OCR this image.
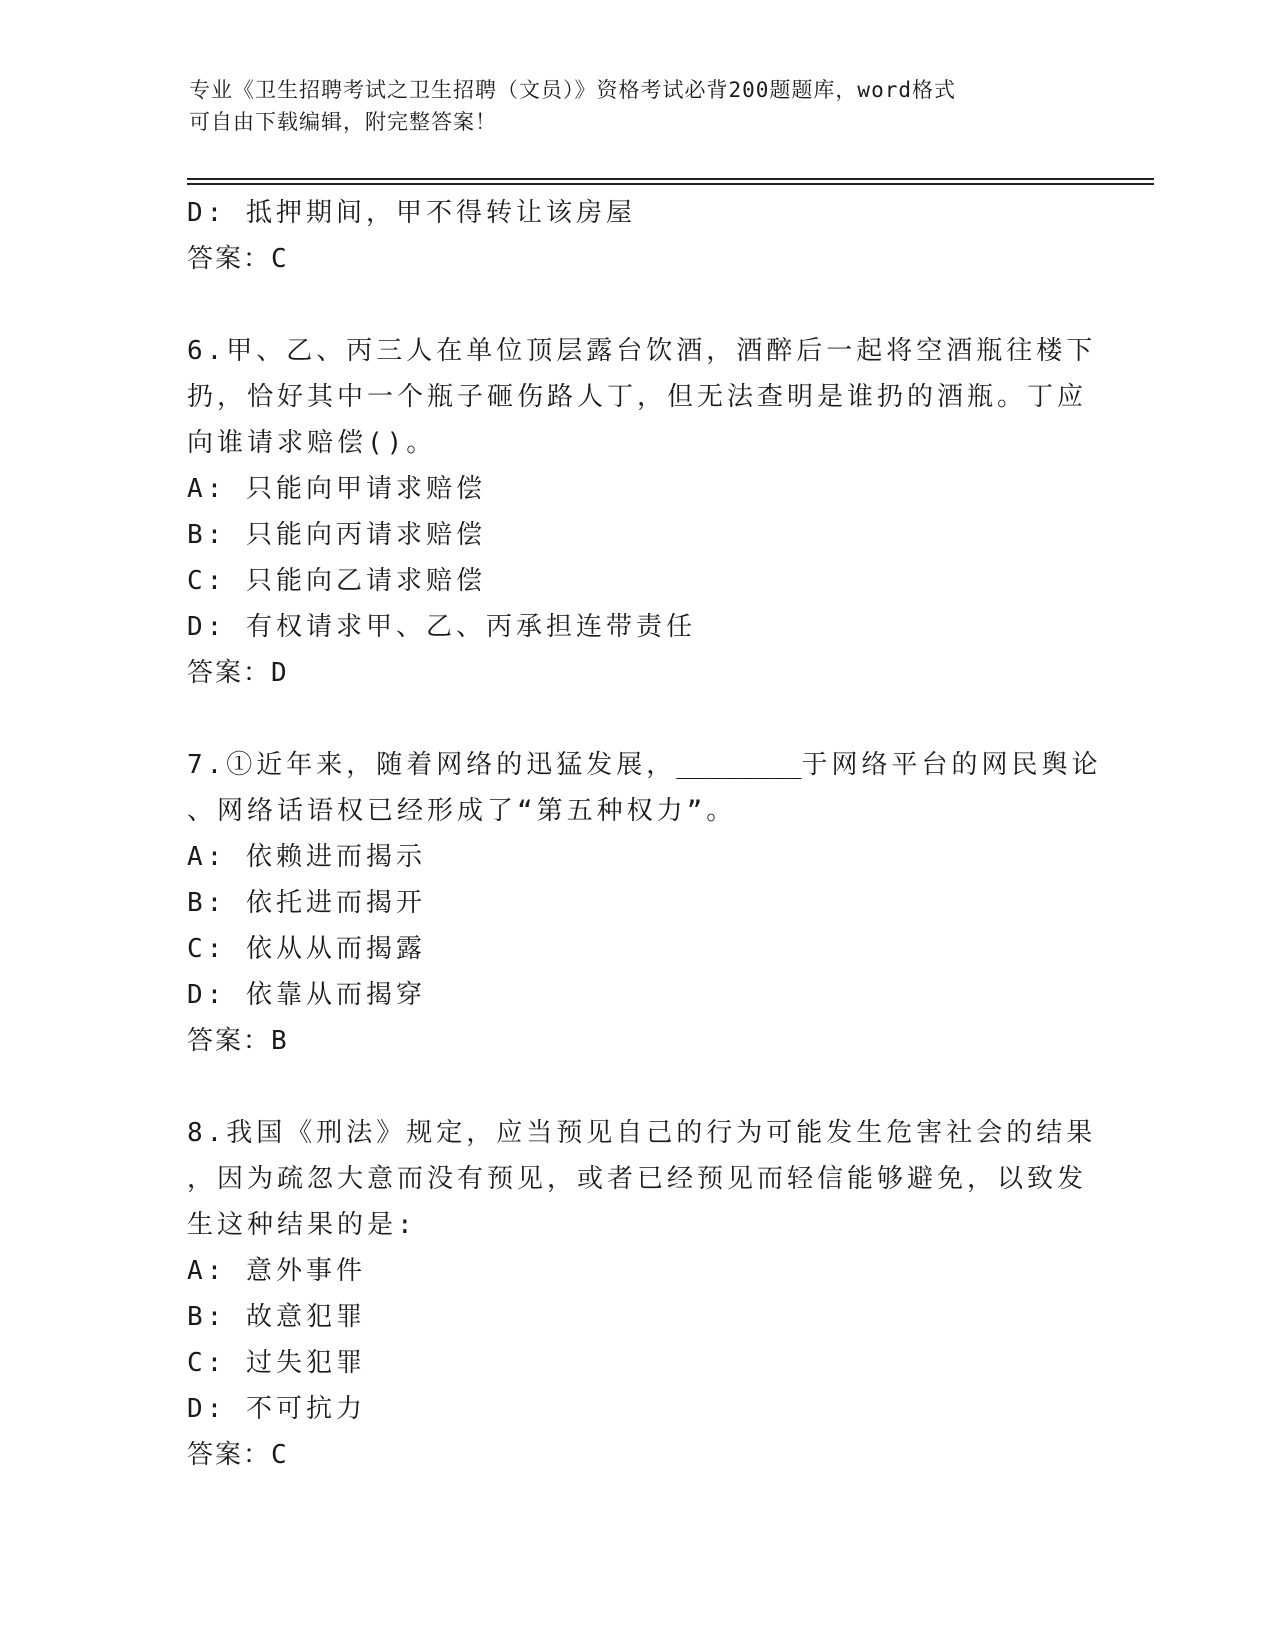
专业《卫生招聘考试之卫生招聘（文员）》资格考试必背200题题库，word格式

可自由下载编辑，附完整答案！

D: 抵押期间，甲不得转让该房屋

答案：C

6.甲、乙、丙三人在单位顶层露台饮酒，酒醉后一起将空酒瓶往楼下

扔，恰好其中一个瓶子砸伤路人丁，但无法查明是谁扔的酒瓶。丁应

向谁请求赔偿()。

A: 只能向甲请求赔偿

B: 只能向丙请求赔偿

C: 只能向乙请求赔偿

D: 有权请求甲、乙、丙承担连带责任

答案：D

7.①近年来，随着网络的迅猛发展，________于网络平台的网民舆论

、网络话语权已经形成了“第五种权力”。

A: 依赖进而揭示

B: 依托进而揭开

C: 依从从而揭露

D: 依靠从而揭穿

答案：B

8.我国《刑法》规定，应当预见自己的行为可能发生危害社会的结果

，因为疏忽大意而没有预见，或者已经预见而轻信能够避免，以致发

生这种结果的是:

A: 意外事件

B: 故意犯罪

C: 过失犯罪

D: 不可抗力

答案：C
